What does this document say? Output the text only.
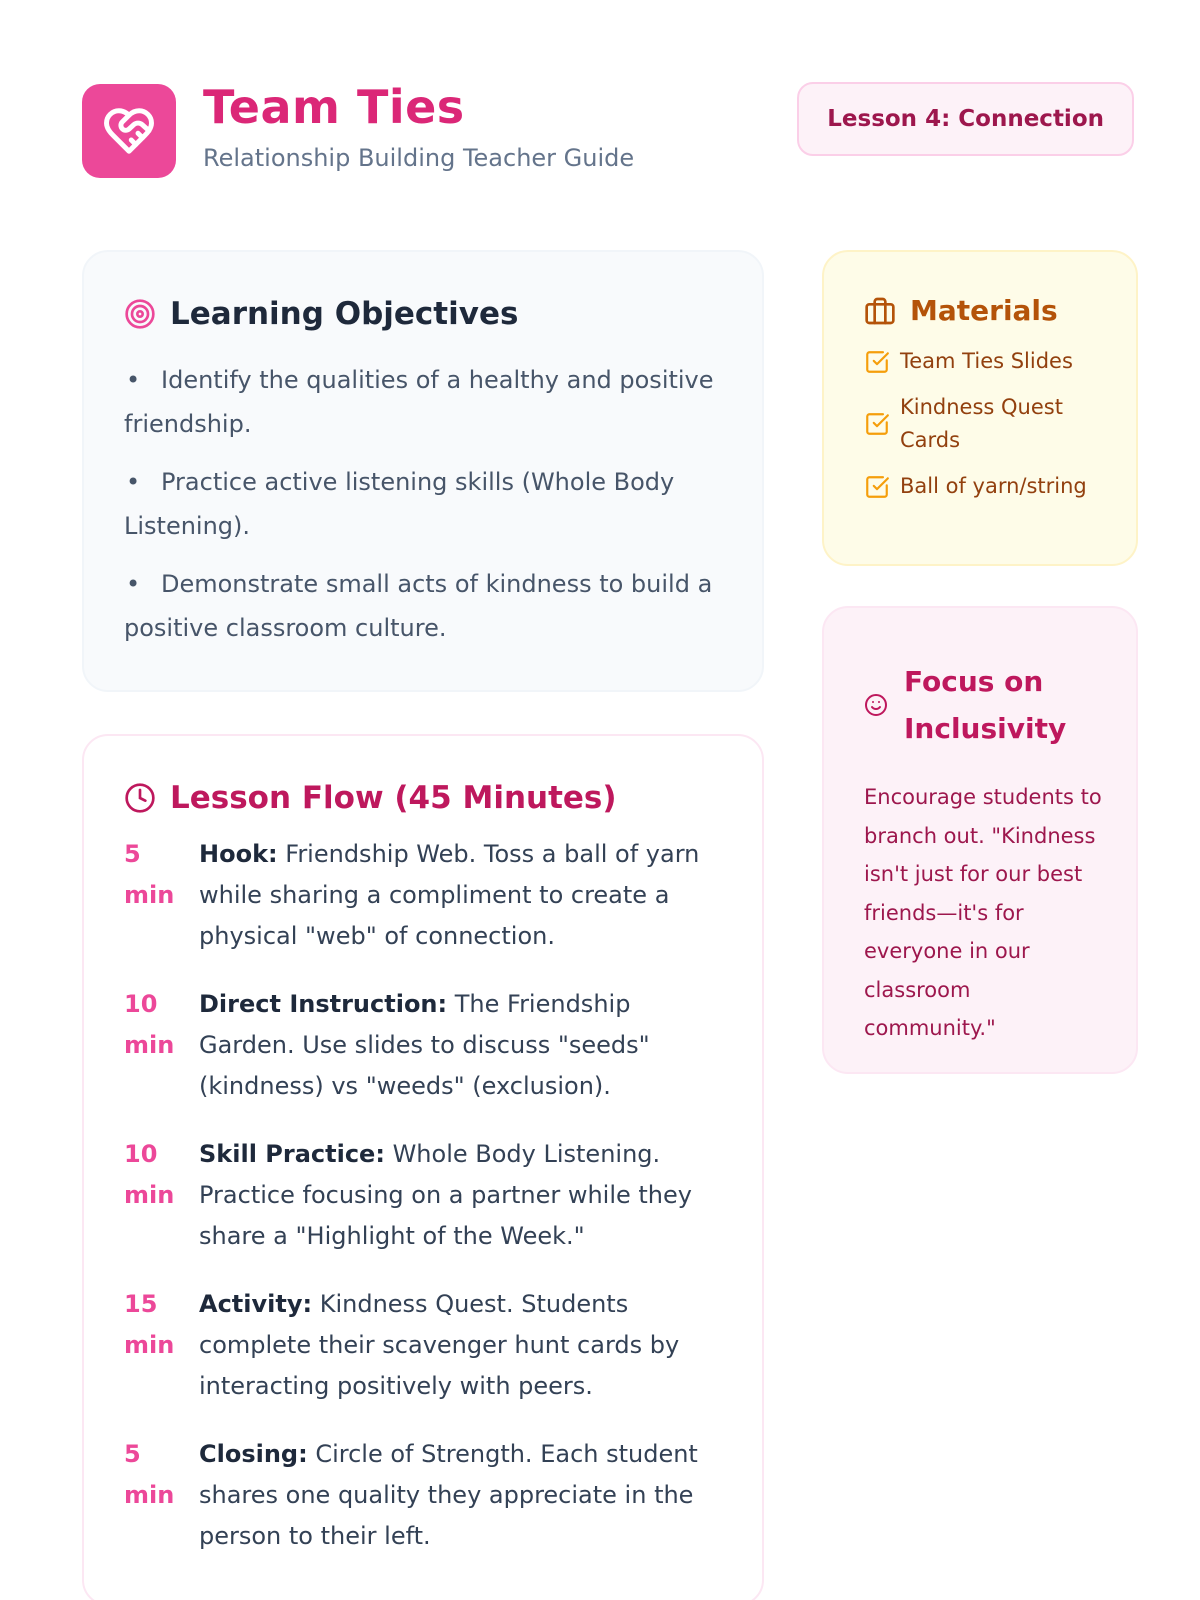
Team Ties
Relationship Building Teacher Guide
Lesson 4: Connection
Learning Objectives
• Identify the qualities of a healthy and positive friendship.
• Practice active listening skills (Whole Body Listening).
• Demonstrate small acts of kindness to build a positive classroom culture.
Lesson Flow (45 Minutes)
5
min
Hook: Friendship Web. Toss a ball of yarn while sharing a compliment to create a physical "web" of connection.
10
min
Direct Instruction: The Friendship Garden. Use slides to discuss "seeds" (kindness) vs "weeds" (exclusion).
10
min
Skill Practice: Whole Body Listening. Practice focusing on a partner while they share a "Highlight of the Week."
15
min
Activity: Kindness Quest. Students complete their scavenger hunt cards by interacting positively with peers.
5
min
Closing: Circle of Strength. Each student shares one quality they appreciate in the person to their left.
Materials
Team Ties Slides
Kindness Quest Cards
Ball of yarn/string
Focus on Inclusivity

Encourage students to branch out. "Kindness isn't just for our best friends—it's for everyone in our classroom community."
